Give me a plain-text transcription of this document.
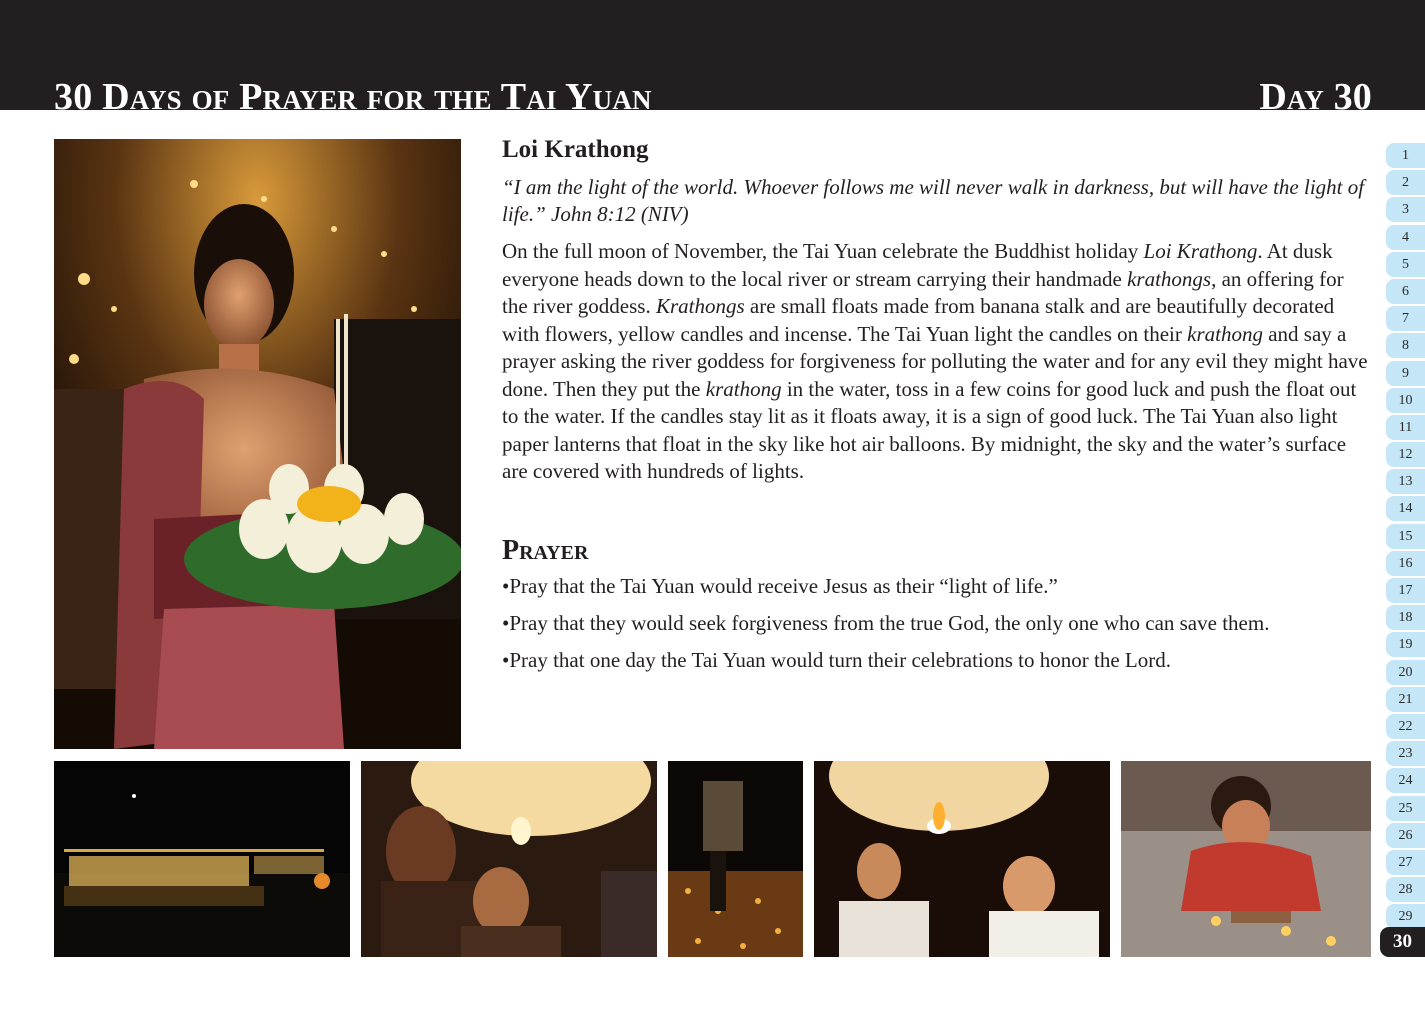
30 Days of Prayer for the Tai Yuan	Day 30
Loi Krathong
“I am the light of the world. Whoever follows me will never walk in darkness, but will have the light of life.” John 8:12 (NIV)

On the full moon of November, the Tai Yuan celebrate the Buddhist holiday Loi Krathong. At dusk everyone heads down to the local river or stream carrying their handmade krathongs, an offering for the river goddess. Krathongs are small floats made from banana stalk and are beautifully decorated with flowers, yellow candles and incense. The Tai Yuan light the candles on their krathong and say a prayer asking the river goddess for forgiveness for polluting the water and for any evil they might have done. Then they put the krathong in the water, toss in a few coins for good luck and push the float out to the water. If the candles stay lit as it floats away, it is a sign of good luck. The Tai Yuan also light paper lanterns that float in the sky like hot air balloons. By midnight, the sky and the water’s surface are covered with hundreds of lights.

Prayer
•Pray that the Tai Yuan would receive Jesus as their “light of life.”
•Pray that they would seek forgiveness from the true God, the only one who can save them.
•Pray that one day the Tai Yuan would turn their celebrations to honor the Lord.
1
2
3
4
5
6
7
8
9
10
11
12
13
14
15
16
17
18
19
20
21
22
23
24
25
26
27
28
29
30
